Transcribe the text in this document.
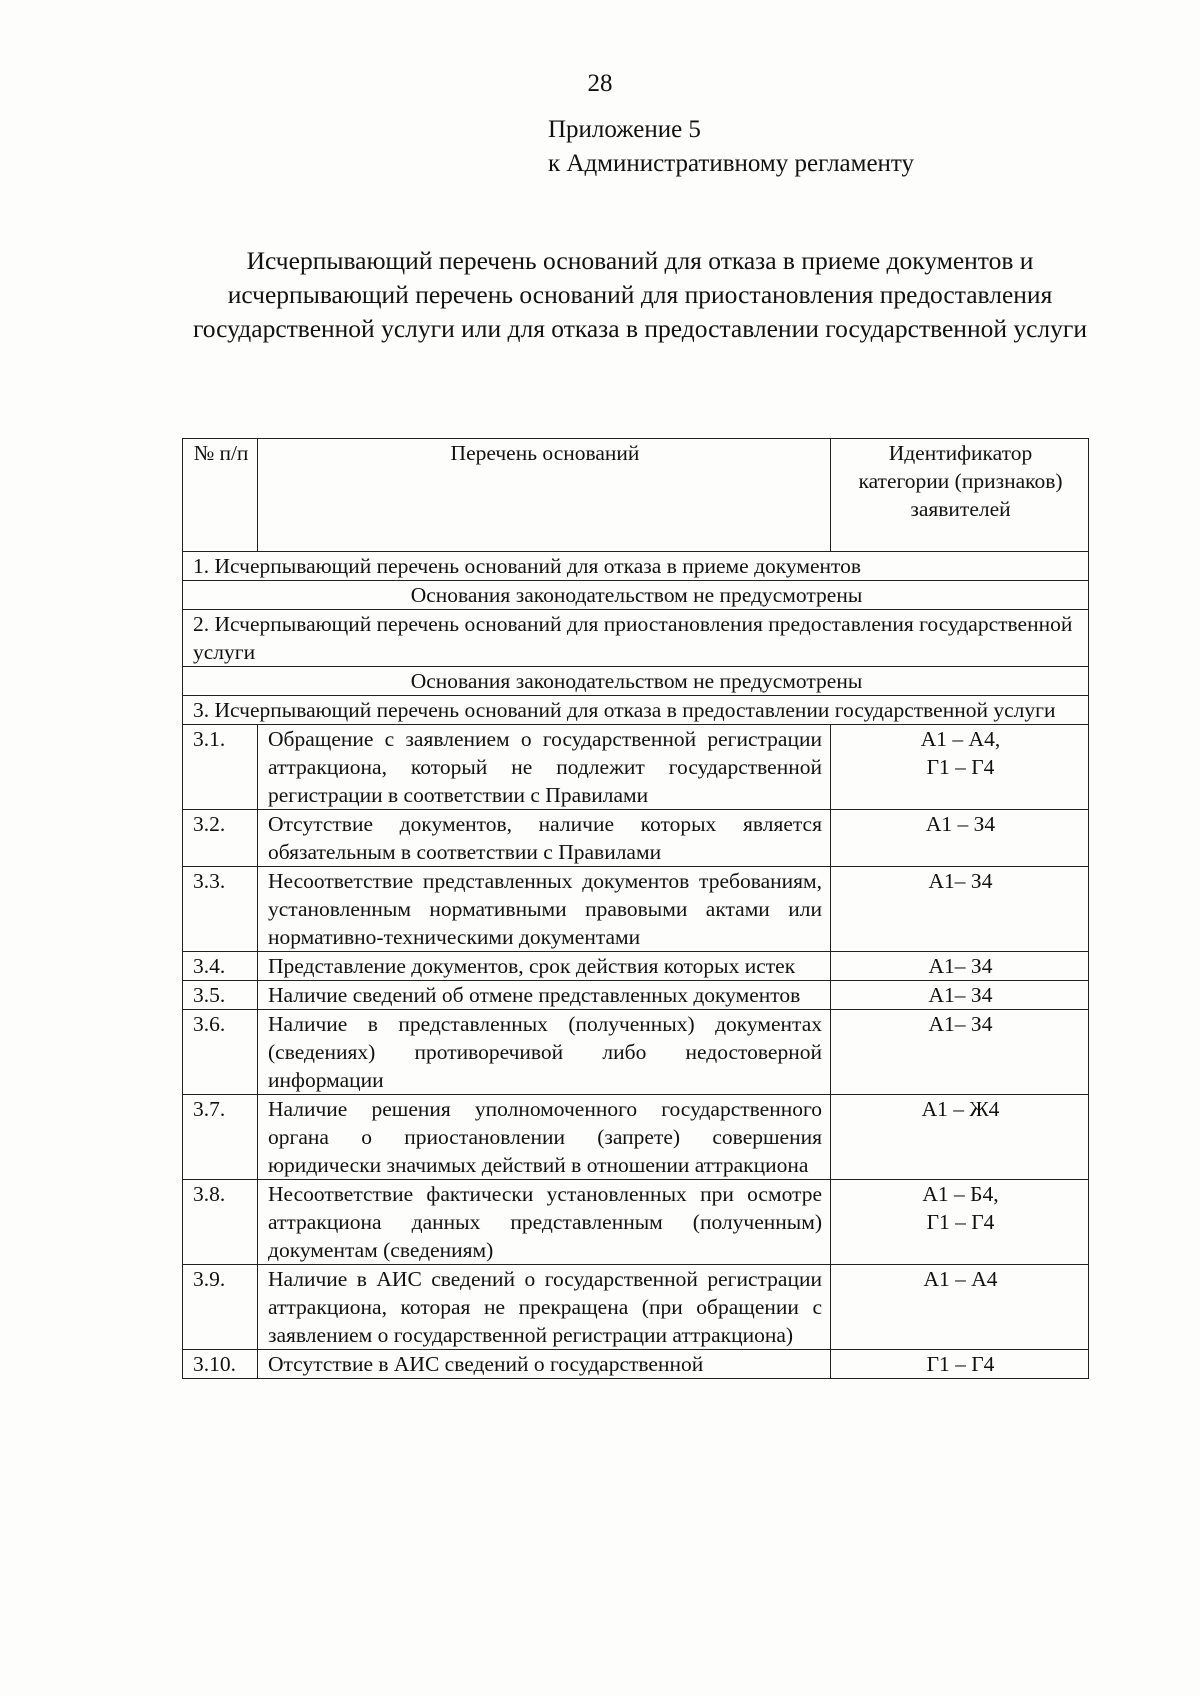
28
Приложение 5
к Административному регламенту
Исчерпывающий перечень оснований для отказа в приеме документов и исчерпывающий перечень оснований для приостановления предоставления государственной услуги или для отказа в предоставлении государственной услуги
№ п/п	Перечень оснований	Идентификатор категории (признаков) заявителей
1. Исчерпывающий перечень оснований для отказа в приеме документов		
Основания законодательством не предусмотрены		
2. Исчерпывающий перечень оснований для приостановления предоставления государственной услуги		
Основания законодательством не предусмотрены		
3. Исчерпывающий перечень оснований для отказа в предоставлении государственной услуги		
3.1.	Обращение с заявлением о государственной регистрации аттракциона, который не подлежит государственной регистрации в соответствии с Правилами	А1 – А4,
Г1 – Г4

3.2.	Отсутствие документов, наличие которых является обязательным в соответствии с Правилами	А1 – З4

3.3.	Несоответствие представленных документов требованиям, установленным нормативными правовыми актами или нормативно-техническими документами	А1– З4

3.4.	Представление документов, срок действия которых истек	А1– З4

3.5.	Наличие сведений об отмене представленных документов	А1– З4

3.6.	Наличие в представленных (полученных) документах (сведениях) противоречивой либо недостоверной информации	А1– З4

3.7.	Наличие решения уполномоченного государственного органа о приостановлении (запрете) совершения юридически значимых действий в отношении аттракциона	А1 – Ж4

3.8.	Несоответствие фактически установленных при осмотре аттракциона данных представленным (полученным) документам (сведениям)	А1 – Б4,
Г1 – Г4

3.9.	Наличие в АИС сведений о государственной регистрации аттракциона, которая не прекращена (при обращении с заявлением о государственной регистрации аттракциона)	А1 – А4

3.10.	Отсутствие в АИС сведений о государственной	Г1 – Г4
